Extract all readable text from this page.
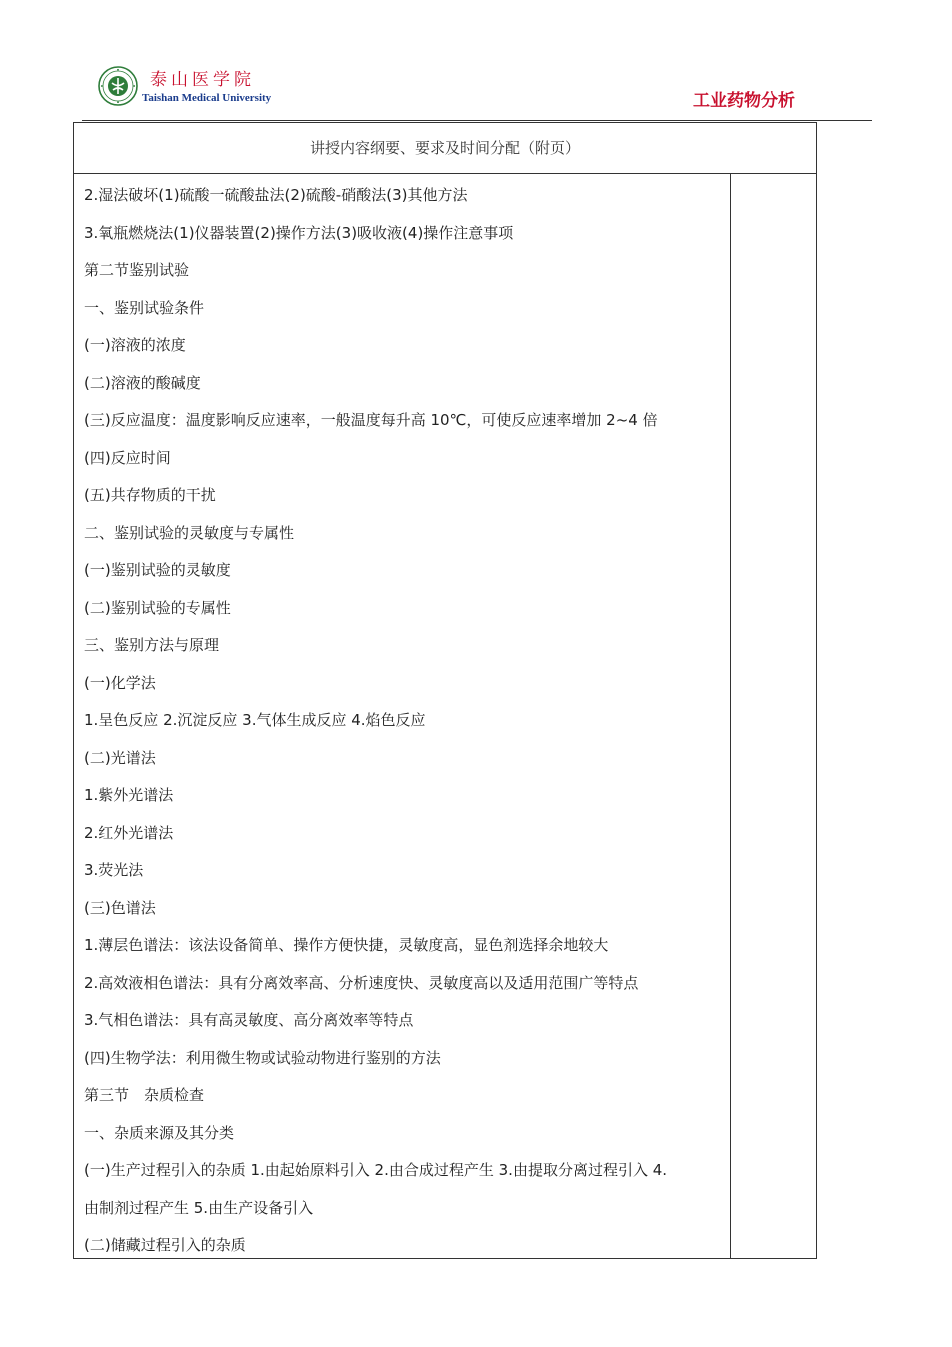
泰山医学院
Taishan Medical University	工业药物分析
讲授内容纲要、要求及时间分配（附页）
2.湿法破坏(1)硫酸一硫酸盐法(2)硫酸-硝酸法(3)其他方法
3.氧瓶燃烧法(1)仪器装置(2)操作方法(3)吸收液(4)操作注意事项
第二节鉴别试验
一、鉴别试验条件
(一)溶液的浓度
(二)溶液的酸碱度
(三)反应温度：温度影响反应速率，一般温度每升高 10℃，可使反应速率增加 2~4 倍
(四)反应时间
(五)共存物质的干扰
二、鉴别试验的灵敏度与专属性
(一)鉴别试验的灵敏度
(二)鉴别试验的专属性
三、鉴别方法与原理
(一)化学法
1.呈色反应 2.沉淀反应 3.气体生成反应 4.焰色反应
(二)光谱法
1.紫外光谱法
2.红外光谱法
3.荧光法
(三)色谱法
1.薄层色谱法：该法设备简单、操作方便快捷，灵敏度高，显色剂选择余地较大
2.高效液相色谱法：具有分离效率高、分析速度快、灵敏度高以及适用范围广等特点
3.气相色谱法：具有高灵敏度、高分离效率等特点
(四)生物学法：利用微生物或试验动物进行鉴别的方法
第三节　杂质检查
一、杂质来源及其分类
(一)生产过程引入的杂质 1.由起始原料引入 2.由合成过程产生 3.由提取分离过程引入 4.
由制剂过程产生 5.由生产设备引入
(二)储藏过程引入的杂质
